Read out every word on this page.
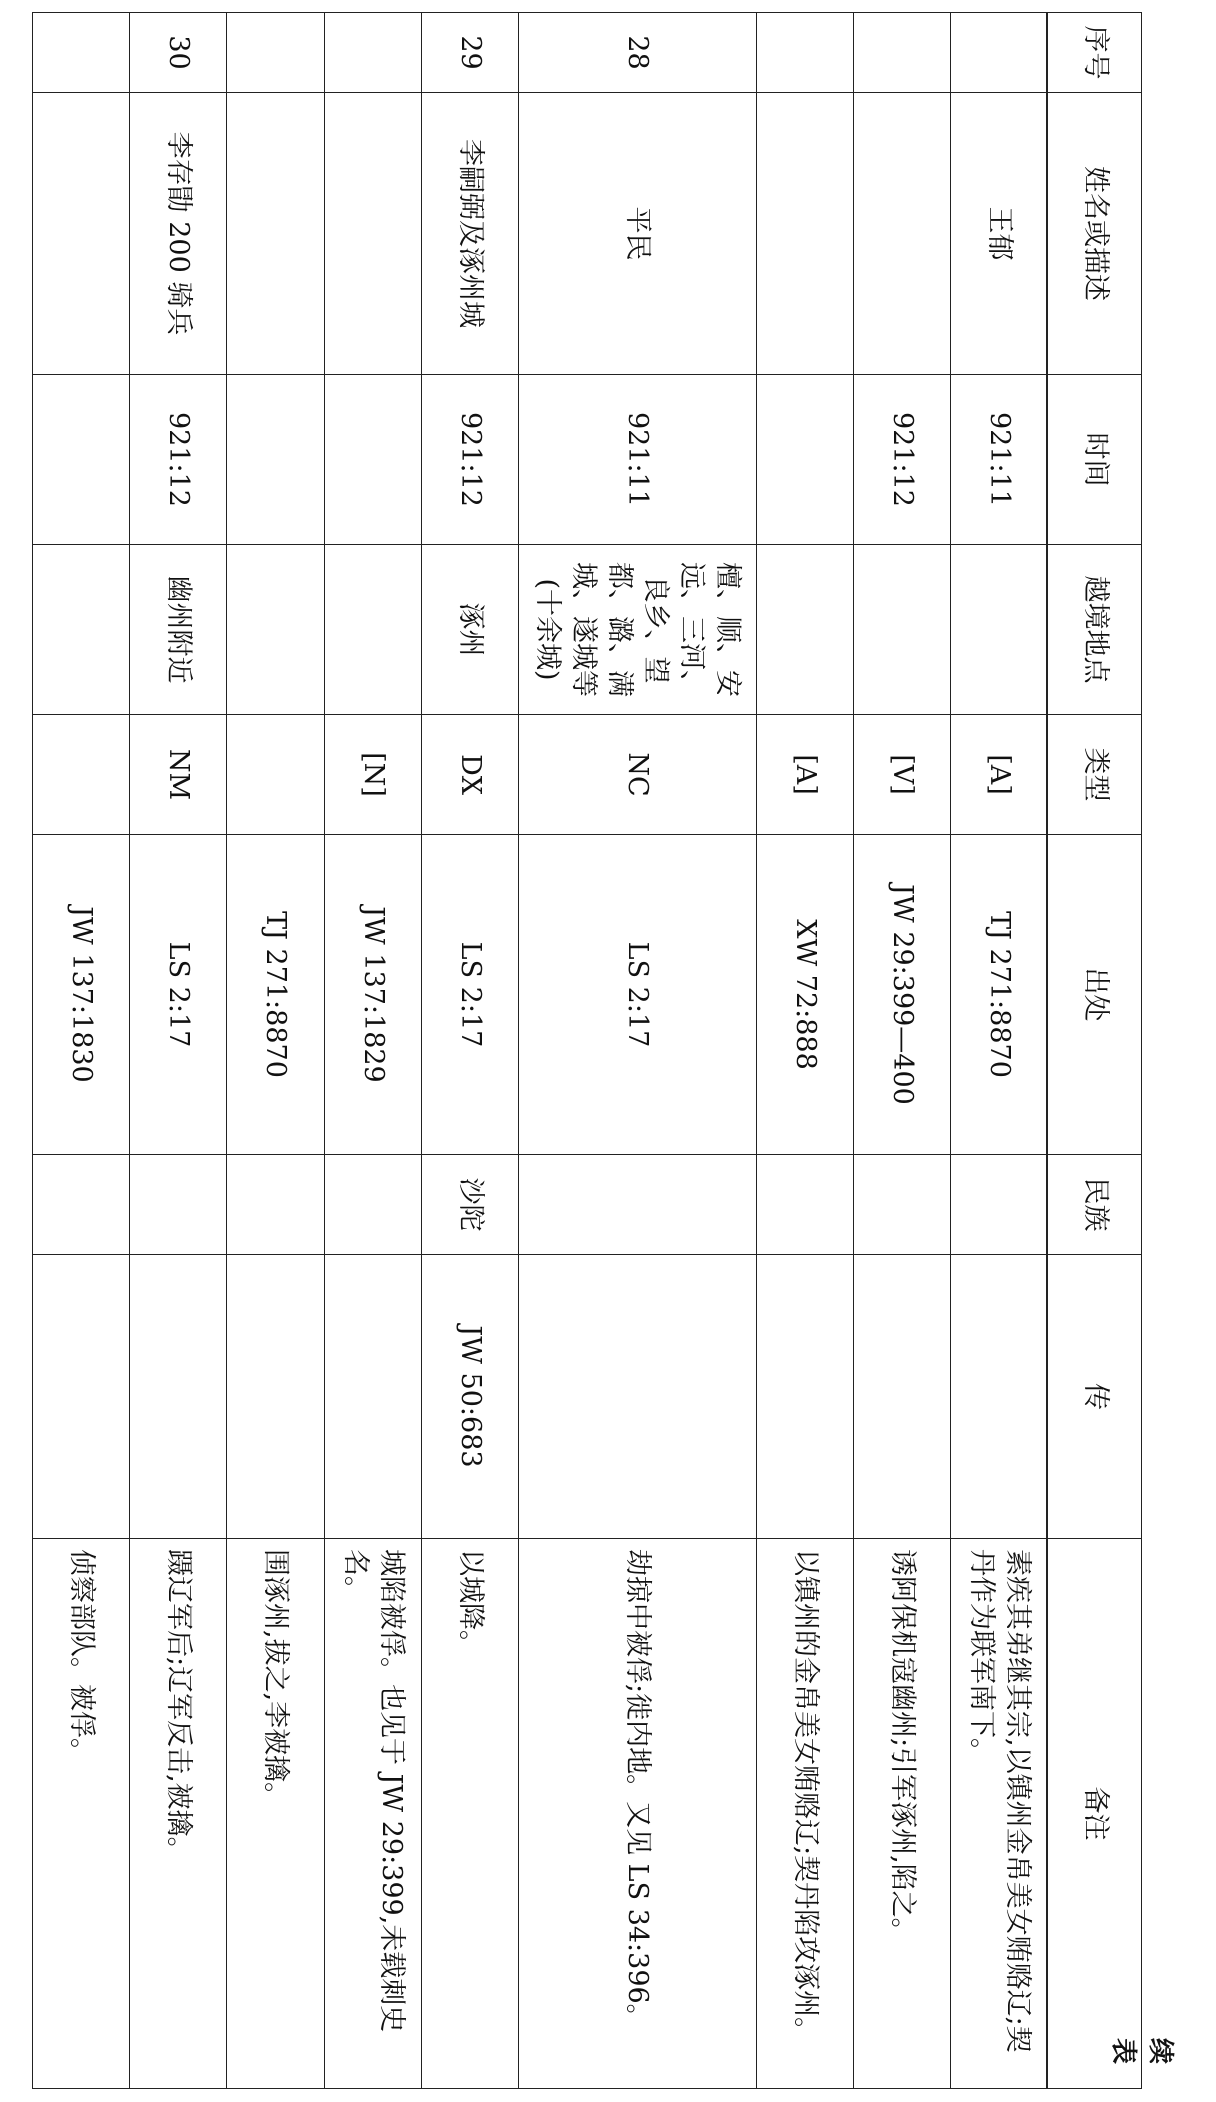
续 表
序号	姓名或描述	时间	越境地点	类型	出处	民族	传	备注
	王郁	921:11		[A]	TJ 271:8870			素疾其弟继其宗,以镇州金帛美女贿赂辽;契丹作为联军南下。
		921:12		[V]	JW 29:399—400			诱阿保机寇幽州;引军涿州,陷之。
				[A]	XW 72:888			以镇州的金帛美女贿赂辽;契丹陷攻涿州。
28	平民	921:11	檀、顺、安远、三河、良乡、望都、潞、满城、遂城等(十余城)	NC	LS 2:17			劫掠中被俘;徙内地。又见 LS 34:396。
29	李嗣弼及涿州城	921:12	涿州	DX	LS 2:17	沙陀	JW 50:683	以城降。
				[N]	JW 137:1829			城陷被俘。也见于 JW 29:399,未载刺史名。
					TJ 271:8870			围涿州,拔之,李被擒。
30	李存勖 200 骑兵	921:12	幽州附近	NM	LS 2:17			蹑辽军后;辽军反击,被擒。
					JW 137:1830			侦察部队。被俘。
